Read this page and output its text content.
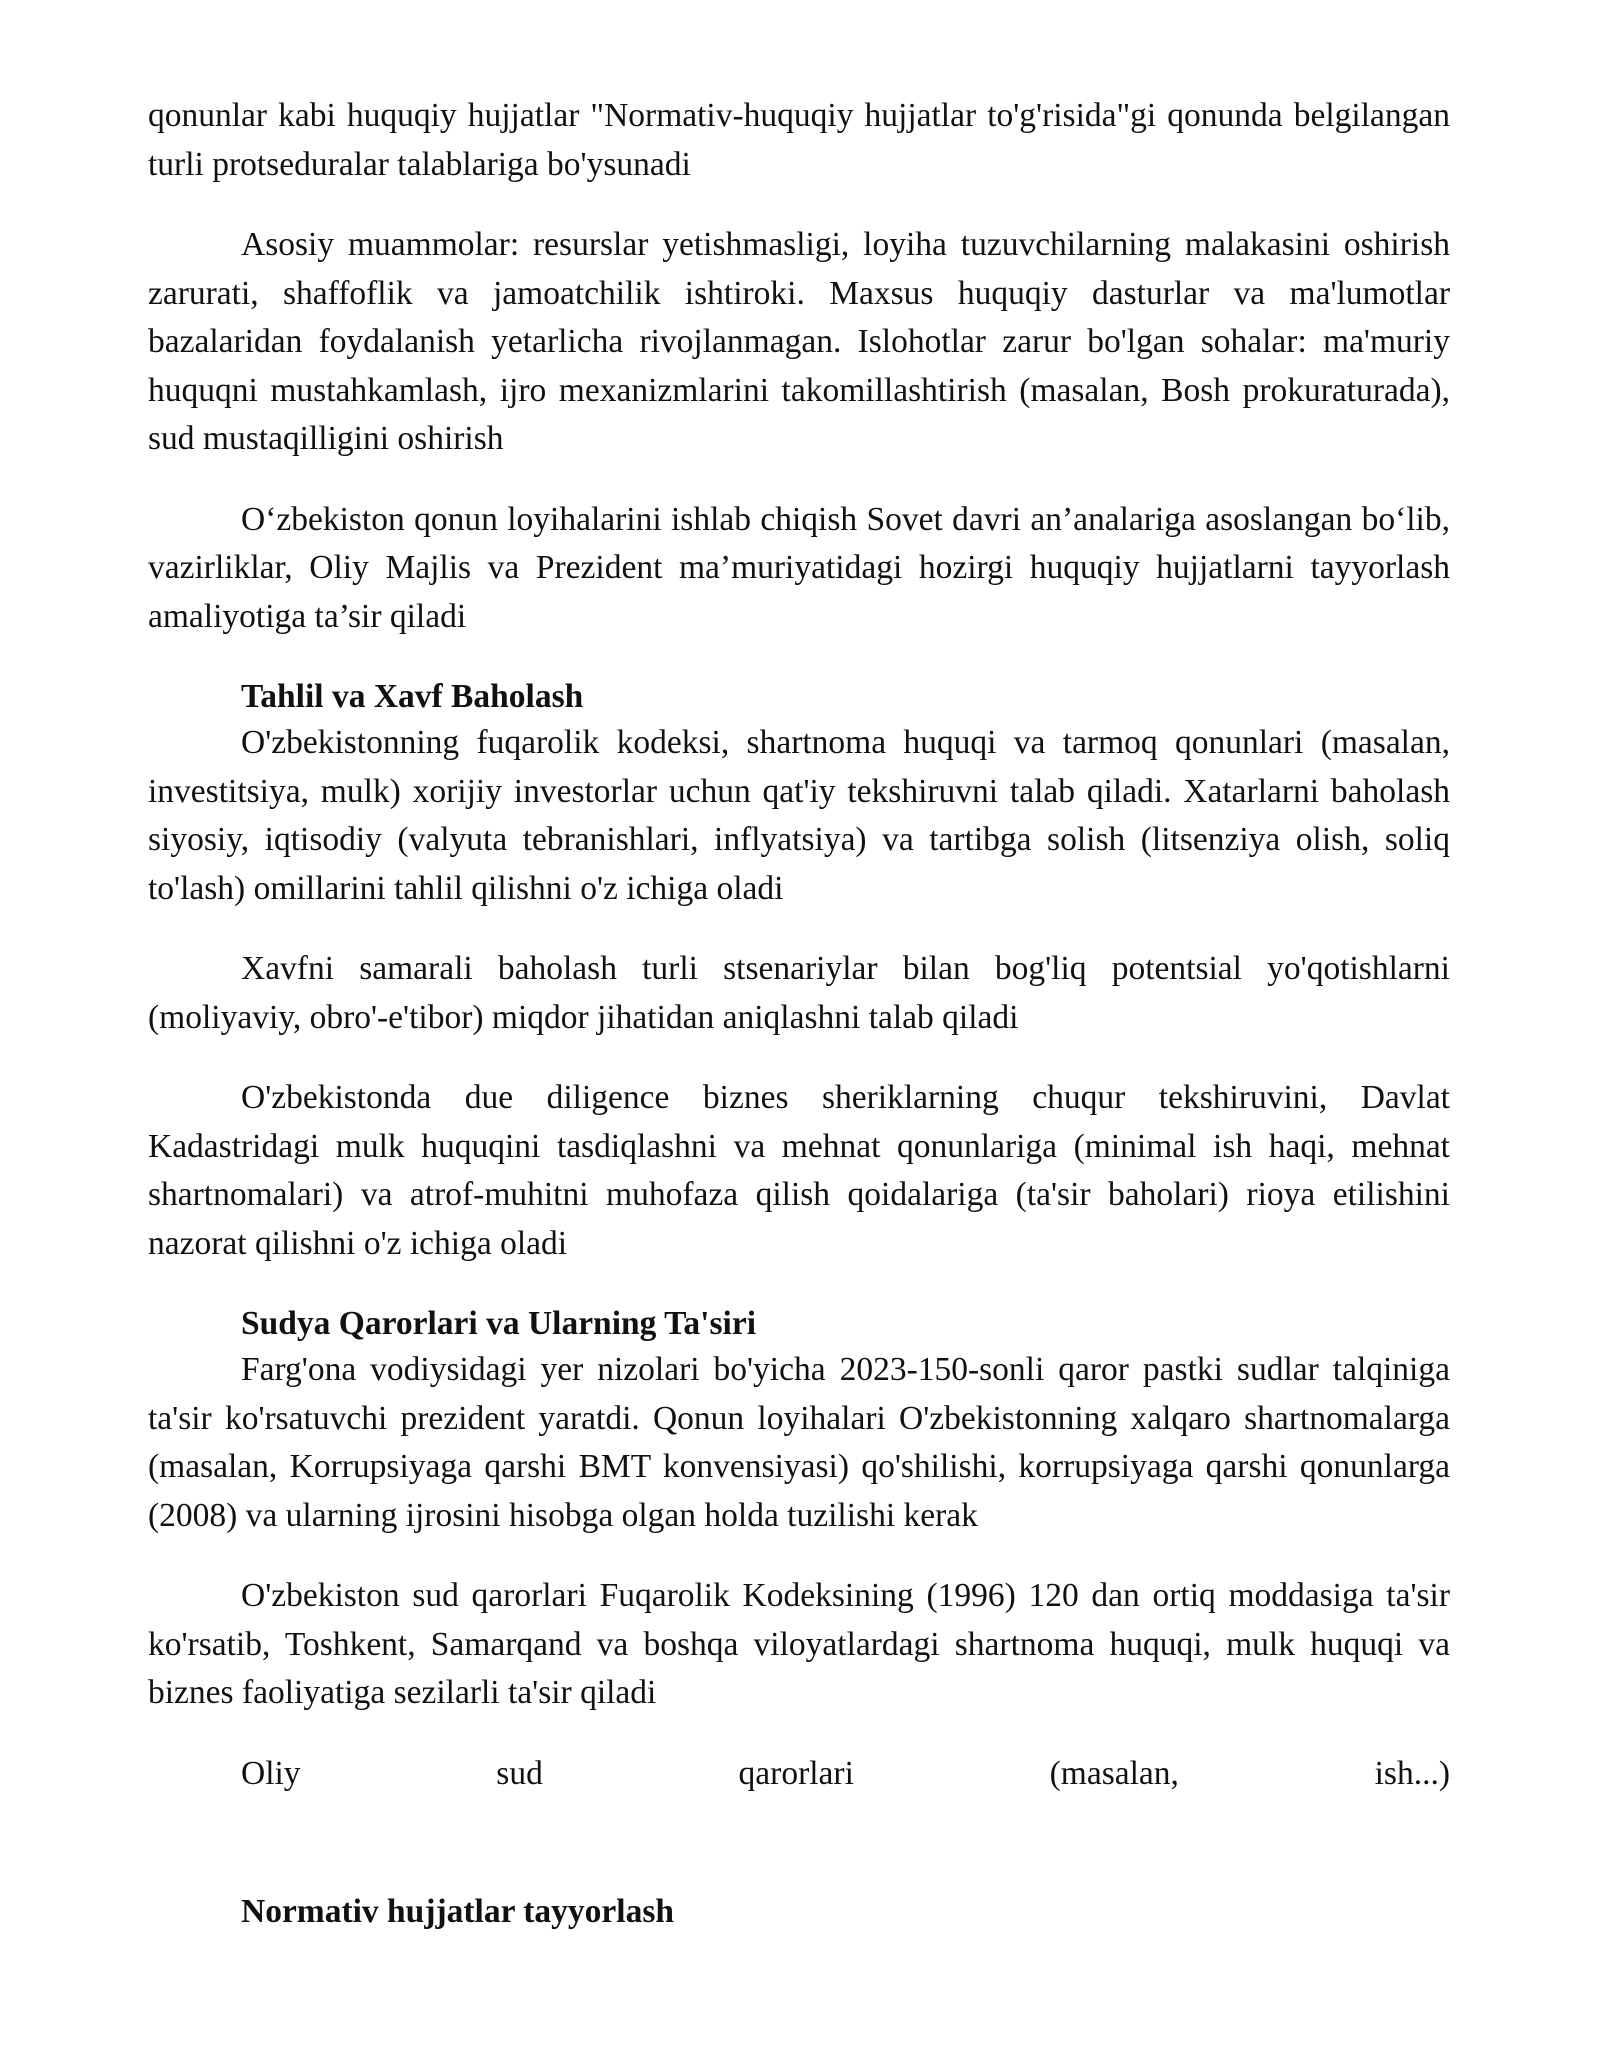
qonunlar kabi huquqiy hujjatlar "Normativ-huquqiy hujjatlar to'g'risida"gi qonunda belgilangan turli protseduralar talablariga bo'ysunadi

Asosiy muammolar: resurslar yetishmasligi, loyiha tuzuvchilarning malakasini oshirish zarurati, shaffoflik va jamoatchilik ishtiroki. Maxsus huquqiy dasturlar va ma'lumotlar bazalaridan foydalanish yetarlicha rivojlanmagan. Islohotlar zarur bo'lgan sohalar: ma'muriy huquqni mustahkamlash, ijro mexanizmlarini takomillashtirish (masalan, Bosh prokuraturada), sud mustaqilligini oshirish

O‘zbekiston qonun loyihalarini ishlab chiqish Sovet davri an’analariga asoslangan bo‘lib, vazirliklar, Oliy Majlis va Prezident ma’muriyatidagi hozirgi huquqiy hujjatlarni tayyorlash amaliyotiga ta’sir qiladi

Tahlil va Xavf Baholash

O'zbekistonning fuqarolik kodeksi, shartnoma huquqi va tarmoq qonunlari (masalan, investitsiya, mulk) xorijiy investorlar uchun qat'iy tekshiruvni talab qiladi. Xatarlarni baholash siyosiy, iqtisodiy (valyuta tebranishlari, inflyatsiya) va tartibga solish (litsenziya olish, soliq to'lash) omillarini tahlil qilishni o'z ichiga oladi

Xavfni samarali baholash turli stsenariylar bilan bog'liq potentsial yo'qotishlarni (moliyaviy, obro'-e'tibor) miqdor jihatidan aniqlashni talab qiladi

O'zbekistonda due diligence biznes sheriklarning chuqur tekshiruvini, Davlat Kadastridagi mulk huquqini tasdiqlashni va mehnat qonunlariga (minimal ish haqi, mehnat shartnomalari) va atrof-muhitni muhofaza qilish qoidalariga (ta'sir baholari) rioya etilishini nazorat qilishni o'z ichiga oladi

Sudya Qarorlari va Ularning Ta'siri

Farg'ona vodiysidagi yer nizolari bo'yicha 2023-150-sonli qaror pastki sudlar talqiniga ta'sir ko'rsatuvchi prezident yaratdi. Qonun loyihalari O'zbekistonning xalqaro shartnomalarga (masalan, Korrupsiyaga qarshi BMT konvensiyasi) qo'shilishi, korrupsiyaga qarshi qonunlarga (2008) va ularning ijrosini hisobga olgan holda tuzilishi kerak

O'zbekiston sud qarorlari Fuqarolik Kodeksining (1996) 120 dan ortiq moddasiga ta'sir ko'rsatib, Toshkent, Samarqand va boshqa viloyatlardagi shartnoma huquqi, mulk huquqi va biznes faoliyatiga sezilarli ta'sir qiladi

Oliy sud qarorlari (masalan, ish...)

Normativ hujjatlar tayyorlash
